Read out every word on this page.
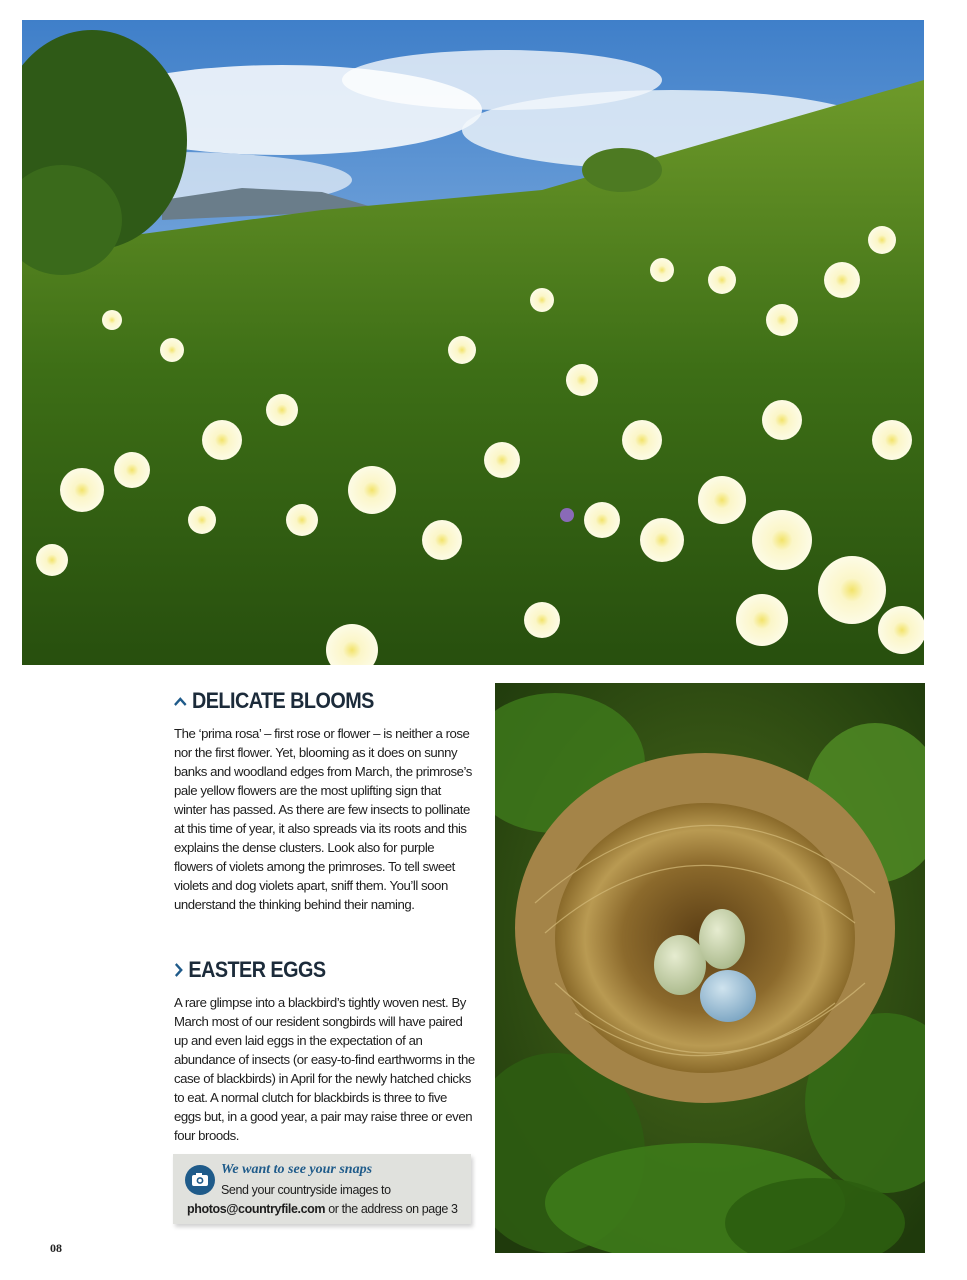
DELICATE BLOOMS

The ‘prima rosa’ – first rose or flower – is neither a rose nor the first flower. Yet, blooming as it does on sunny banks and woodland edges from March, the primrose’s pale yellow flowers are the most uplifting sign that winter has passed. As there are few insects to pollinate at this time of year, it also spreads via its roots and this explains the dense clusters. Look also for purple flowers of violets among the primroses. To tell sweet violets and dog violets apart, sniff them. You’ll soon understand the thinking behind their naming.

EASTER EGGS

A rare glimpse into a blackbird’s tightly woven nest. By March most of our resident songbirds will have paired up and even laid eggs in the expectation of an abundance of insects (or easy-to-find earthworms in the case of blackbirds) in April for the newly hatched chicks to eat. A normal clutch for blackbirds is three to five eggs but, in a good year, a pair may raise three or even four broods.

We want to see your snaps
Send your countryside images to
photos@countryfile.com or the address on page 3
08
